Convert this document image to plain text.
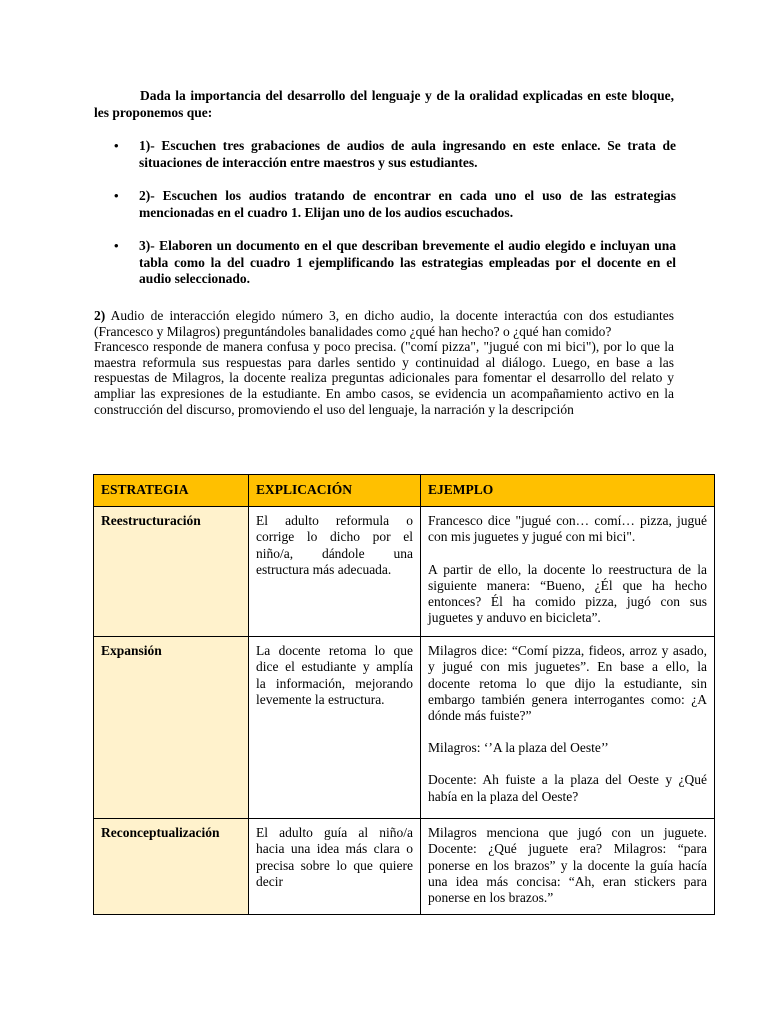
Dada la importancia del desarrollo del lenguaje y de la oralidad explicadas en este bloque, les proponemos que:

• 1)- Escuchen tres grabaciones de audios de aula ingresando en este enlace. Se trata de situaciones de interacción entre maestros y sus estudiantes.
• 2)- Escuchen los audios tratando de encontrar en cada uno el uso de las estrategias mencionadas en el cuadro 1. Elijan uno de los audios escuchados.
• 3)- Elaboren un documento en el que describan brevemente el audio elegido e incluyan una tabla como la del cuadro 1 ejemplificando las estrategias empleadas por el docente en el audio seleccionado.

2) Audio de interacción elegido número 3, en dicho audio, la docente interactúa con dos estudiantes (Francesco y Milagros) preguntándoles banalidades como ¿qué han hecho? o ¿qué han comido?

Francesco responde de manera confusa y poco precisa. ("comí pizza", "jugué con mi bici"), por lo que la maestra reformula sus respuestas para darles sentido y continuidad al diálogo. Luego, en base a las respuestas de Milagros, la docente realiza preguntas adicionales para fomentar el desarrollo del relato y ampliar las expresiones de la estudiante. En ambo casos, se evidencia un acompañamiento activo en la construcción del discurso, promoviendo el uso del lenguaje, la narración y la descripción

ESTRATEGIA	EXPLICACIÓN	EJEMPLO
Reestructuración	El adulto reformula o corrige lo dicho por el niño/a, dándole una estructura más adecuada.	Francesco dice "jugué con… comí… pizza, jugué con mis juguetes y jugué con mi bici".

A partir de ello, la docente lo reestructura de la siguiente manera: “Bueno, ¿Él que ha hecho entonces? Él ha comido pizza, jugó con sus juguetes y anduvo en bicicleta”.

Expansión	La docente retoma lo que dice el estudiante y amplía la información, mejorando levemente la estructura.	Milagros dice: “Comí pizza, fideos, arroz y asado, y jugué con mis juguetes”. En base a ello, la docente retoma lo que dijo la estudiante, sin embargo también genera interrogantes como: ¿A dónde más fuiste?”

Milagros: ‘’A la plaza del Oeste’’

Docente: Ah fuiste a la plaza del Oeste y ¿Qué había en la plaza del Oeste?

Reconceptualización	El adulto guía al niño/a hacia una idea más clara o precisa sobre lo que quiere decir	Milagros menciona que jugó con un juguete. Docente: ¿Qué juguete era? Milagros: “para ponerse en los brazos” y la docente la guía hacía una idea más concisa: “Ah, eran stickers para ponerse en los brazos.”
